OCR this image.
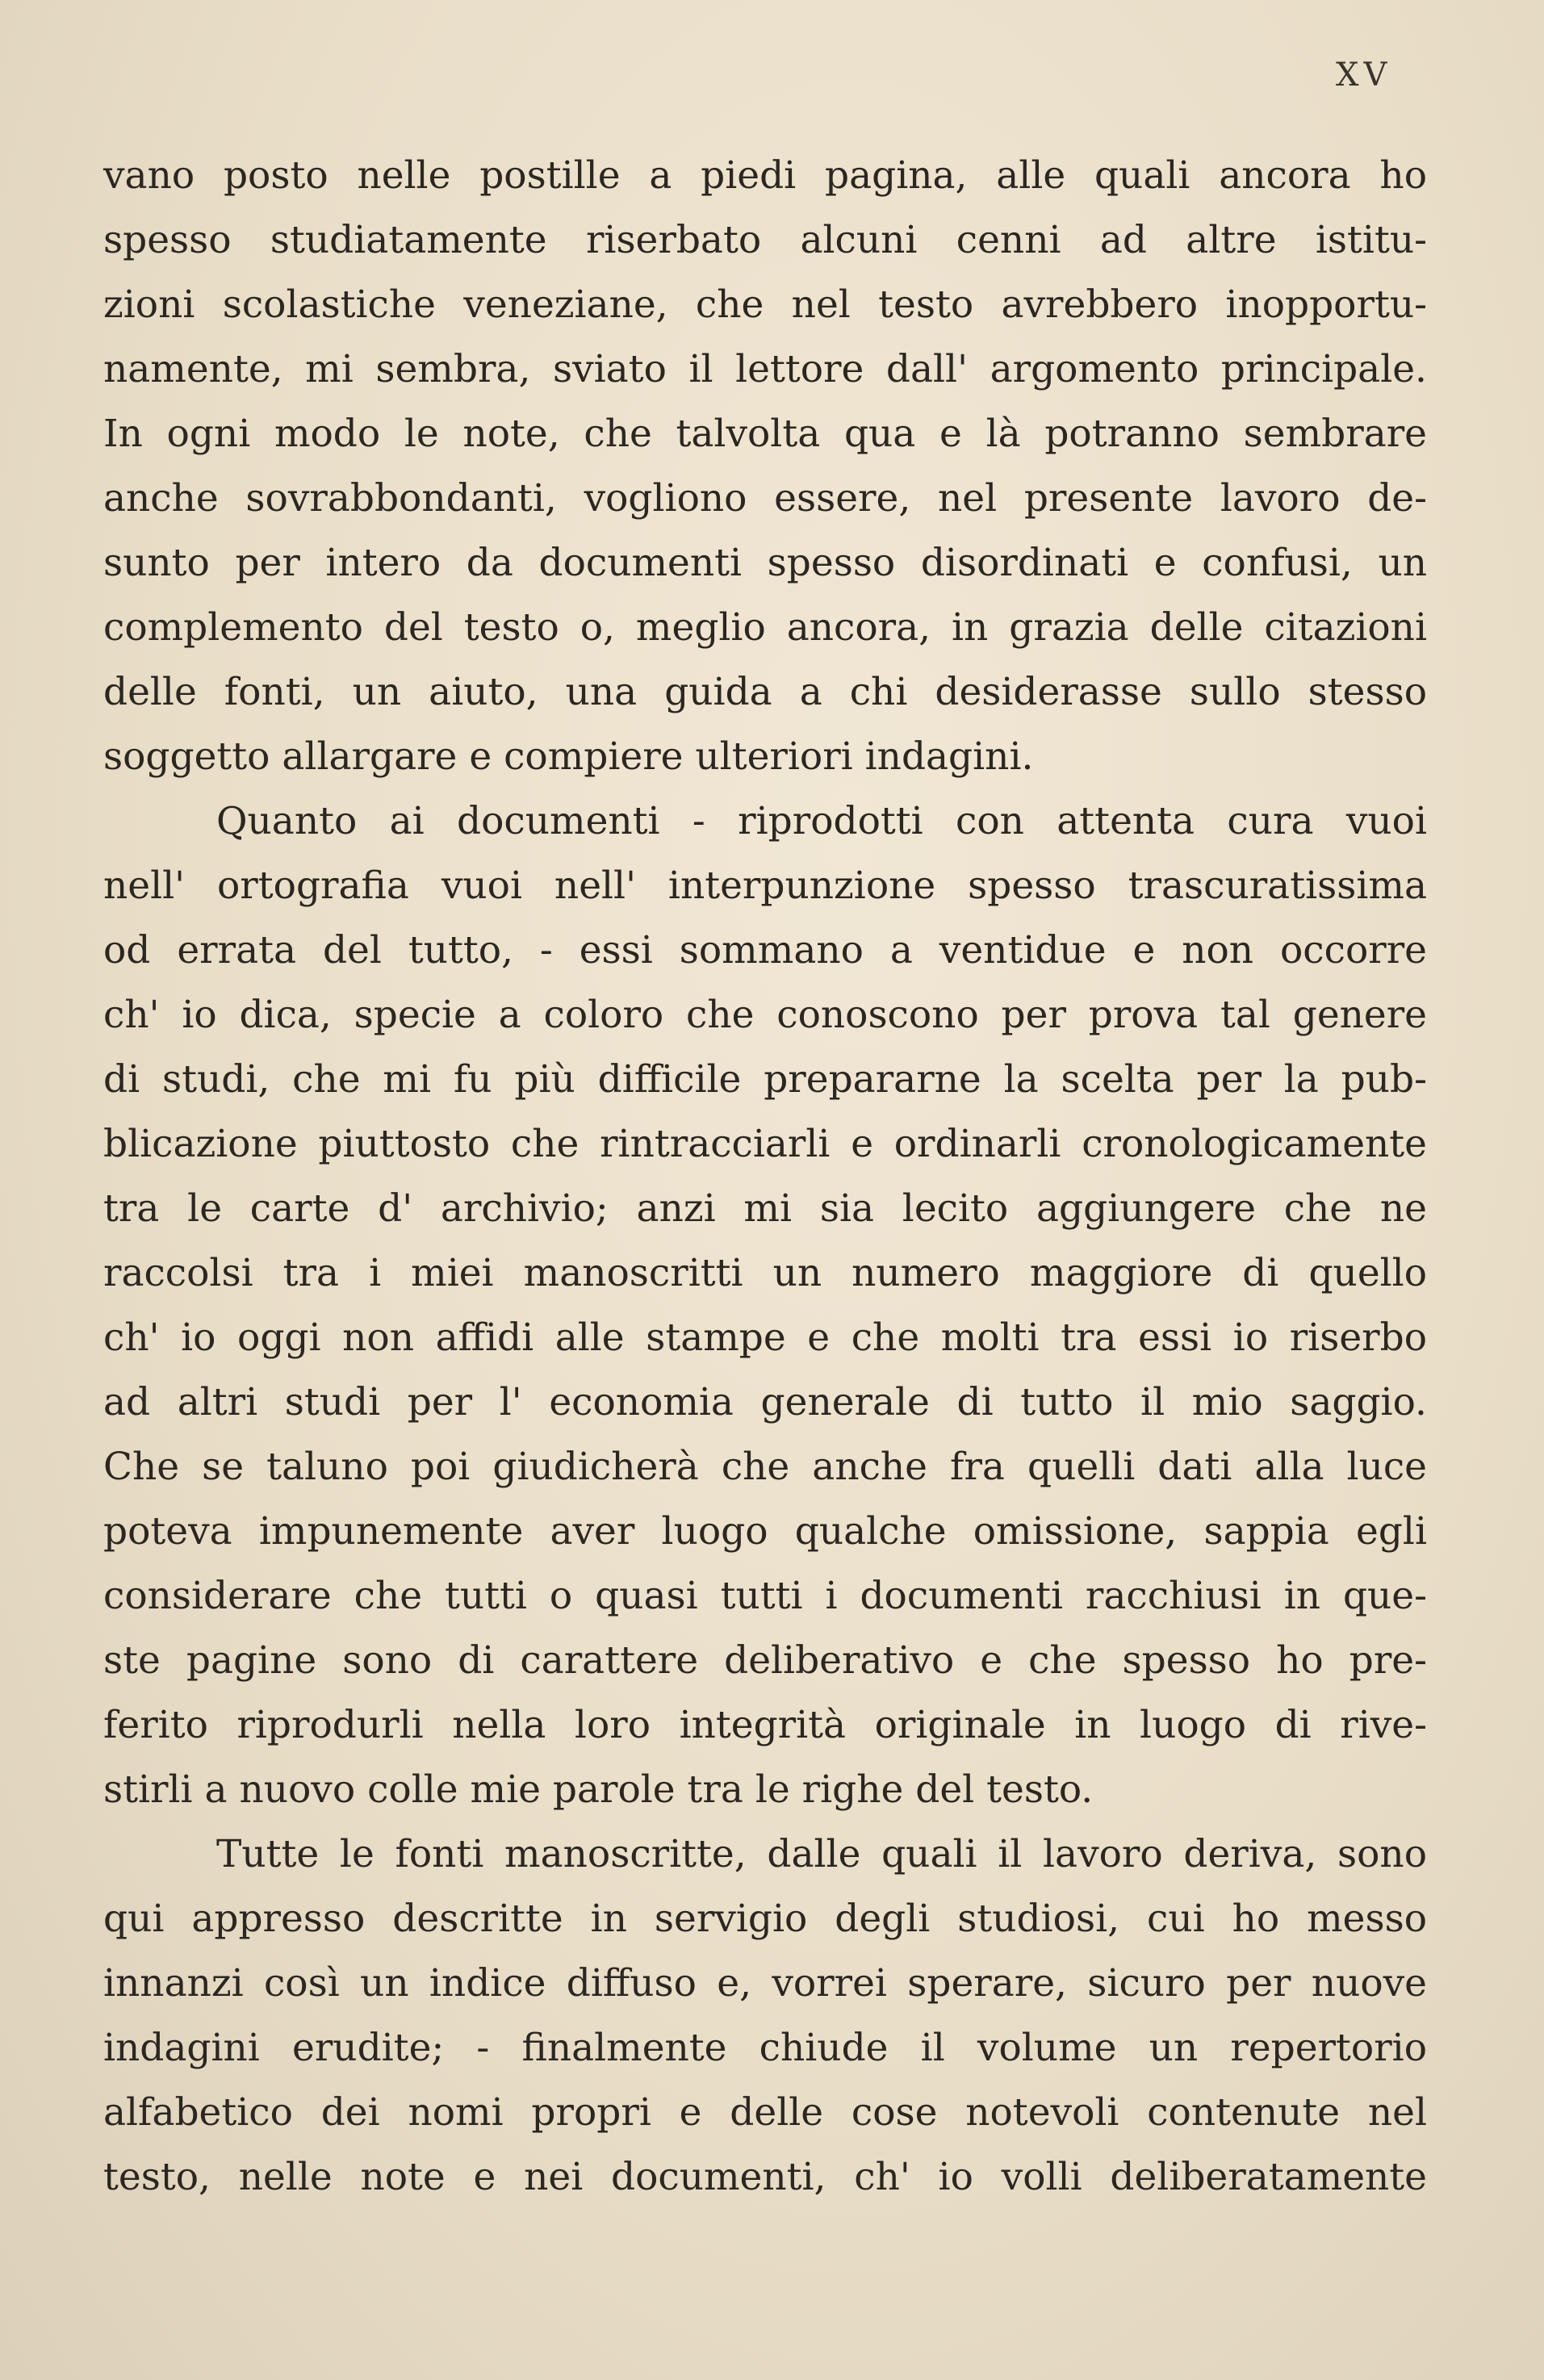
XV
vano posto nelle postille a piedi pagina, alle quali ancora ho
spesso studiatamente riserbato alcuni cenni ad altre istitu-
zioni scolastiche veneziane, che nel testo avrebbero inopportu-
namente, mi sembra, sviato il lettore dall' argomento principale.
In ogni modo le note, che talvolta qua e là potranno sembrare
anche sovrabbondanti, vogliono essere, nel presente lavoro de-
sunto per intero da documenti spesso disordinati e confusi, un
complemento del testo o, meglio ancora, in grazia delle citazioni
delle fonti, un aiuto, una guida a chi desiderasse sullo stesso
soggetto allargare e compiere ulteriori indagini.
Quanto ai documenti - riprodotti con attenta cura vuoi
nell' ortografia vuoi nell' interpunzione spesso trascuratissima
od errata del tutto, - essi sommano a ventidue e non occorre
ch' io dica, specie a coloro che conoscono per prova tal genere
di studi, che mi fu più difficile prepararne la scelta per la pub-
blicazione piuttosto che rintracciarli e ordinarli cronologicamente
tra le carte d' archivio; anzi mi sia lecito aggiungere che ne
raccolsi tra i miei manoscritti un numero maggiore di quello
ch' io oggi non affidi alle stampe e che molti tra essi io riserbo
ad altri studi per l' economia generale di tutto il mio saggio.
Che se taluno poi giudicherà che anche fra quelli dati alla luce
poteva impunemente aver luogo qualche omissione, sappia egli
considerare che tutti o quasi tutti i documenti racchiusi in que-
ste pagine sono di carattere deliberativo e che spesso ho pre-
ferito riprodurli nella loro integrità originale in luogo di rive-
stirli a nuovo colle mie parole tra le righe del testo.
Tutte le fonti manoscritte, dalle quali il lavoro deriva, sono
qui appresso descritte in servigio degli studiosi, cui ho messo
innanzi così un indice diffuso e, vorrei sperare, sicuro per nuove
indagini erudite; - finalmente chiude il volume un repertorio
alfabetico dei nomi propri e delle cose notevoli contenute nel
testo, nelle note e nei documenti, ch' io volli deliberatamente
